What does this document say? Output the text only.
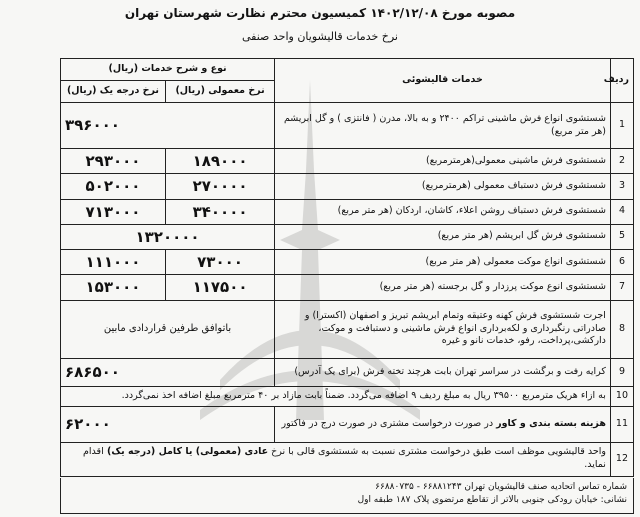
مصوبه مورخ ۱۴۰۲/۱۲/۰۸ کمیسیون محترم نظارت شهرستان تهران
نرخ خدمات قالیشویان واحد صنفی
ردیف	خدمات قالیشوئی	نوع و شرح خدمات (ریال)	
		نرخ معمولی (ریال)	نرخ درجه یک (ریال)
1	شستشوی انواع فرش ماشینی تراکم ۲۴۰۰ و به بالا، مدرن ( فانتزی ) و گل ابریشم (هر متر مربع)	۳۹۶۰۰۰	
2	شستشوی فرش ماشینی معمولی(هرمترمربع)	۱۸۹۰۰۰	۲۹۳۰۰۰
3	شستشوی فرش دستباف معمولی (هرمترمربع)	۲۷۰۰۰۰	۵۰۲۰۰۰
4	شستشوی فرش دستباف روشن اعلاء، کاشان، اردکان (هر متر مربع)	۳۴۰۰۰۰	۷۱۳۰۰۰
5	شستشوی فرش گل ابریشم (هر متر مربع)	۱۳۲۰۰۰۰	
6	شستشوی انواع موکت معمولی (هر متر مربع)	۷۳۰۰۰	۱۱۱۰۰۰
7	شستشوی انوع موکت پرزدار و گل برجسته (هر متر مربع)	۱۱۷۵۰۰	۱۵۳۰۰۰
8	اجرت شستشوی فرش کهنه وعتیقه وتمام ابریشم تبریز و اصفهان (اکسترا) و صادراتی رنگبرداری و لکه‌برداری انواع فرش ماشینی و دستبافت و موکت، دارکشی،پرداخت، رفو، خدمات نانو و غیره	باتوافق طرفین قراردادی مابین	
9	کرایه رفت و برگشت در سراسر تهران بابت هرچند تخته فرش (برای یک آدرس)	۶۸۶۵۰۰	
10	به ازاء هریک مترمربع ۳۹۵۰۰ ریال به مبلغ ردیف ۹ اضافه می‌گردد. ضمناً بابت مازاد بر ۴۰ مترمربع مبلغ اضافه اخذ نمی‌گردد.		
11	هزینه بسته بندی و کاور در صورت درخواست مشتری در صورت درج در فاکتور	۶۲۰۰۰	
12	واحد قالیشویی موظف است طبق درخواست مشتری نسبت به شستشوی قالی با نرخ عادی (معمولی) یا کامل (درجه یک) اقدام نماید.		
شماره تماس اتحادیه صنف قالیشویان تهران ۶۶۸۸۱۲۴۳ - ۶۶۸۸۰۷۳۵
نشانی: خیابان رودکی جنوبی بالاتر از تقاطع مرتضوی پلاک ۱۸۷ طبقه اول
